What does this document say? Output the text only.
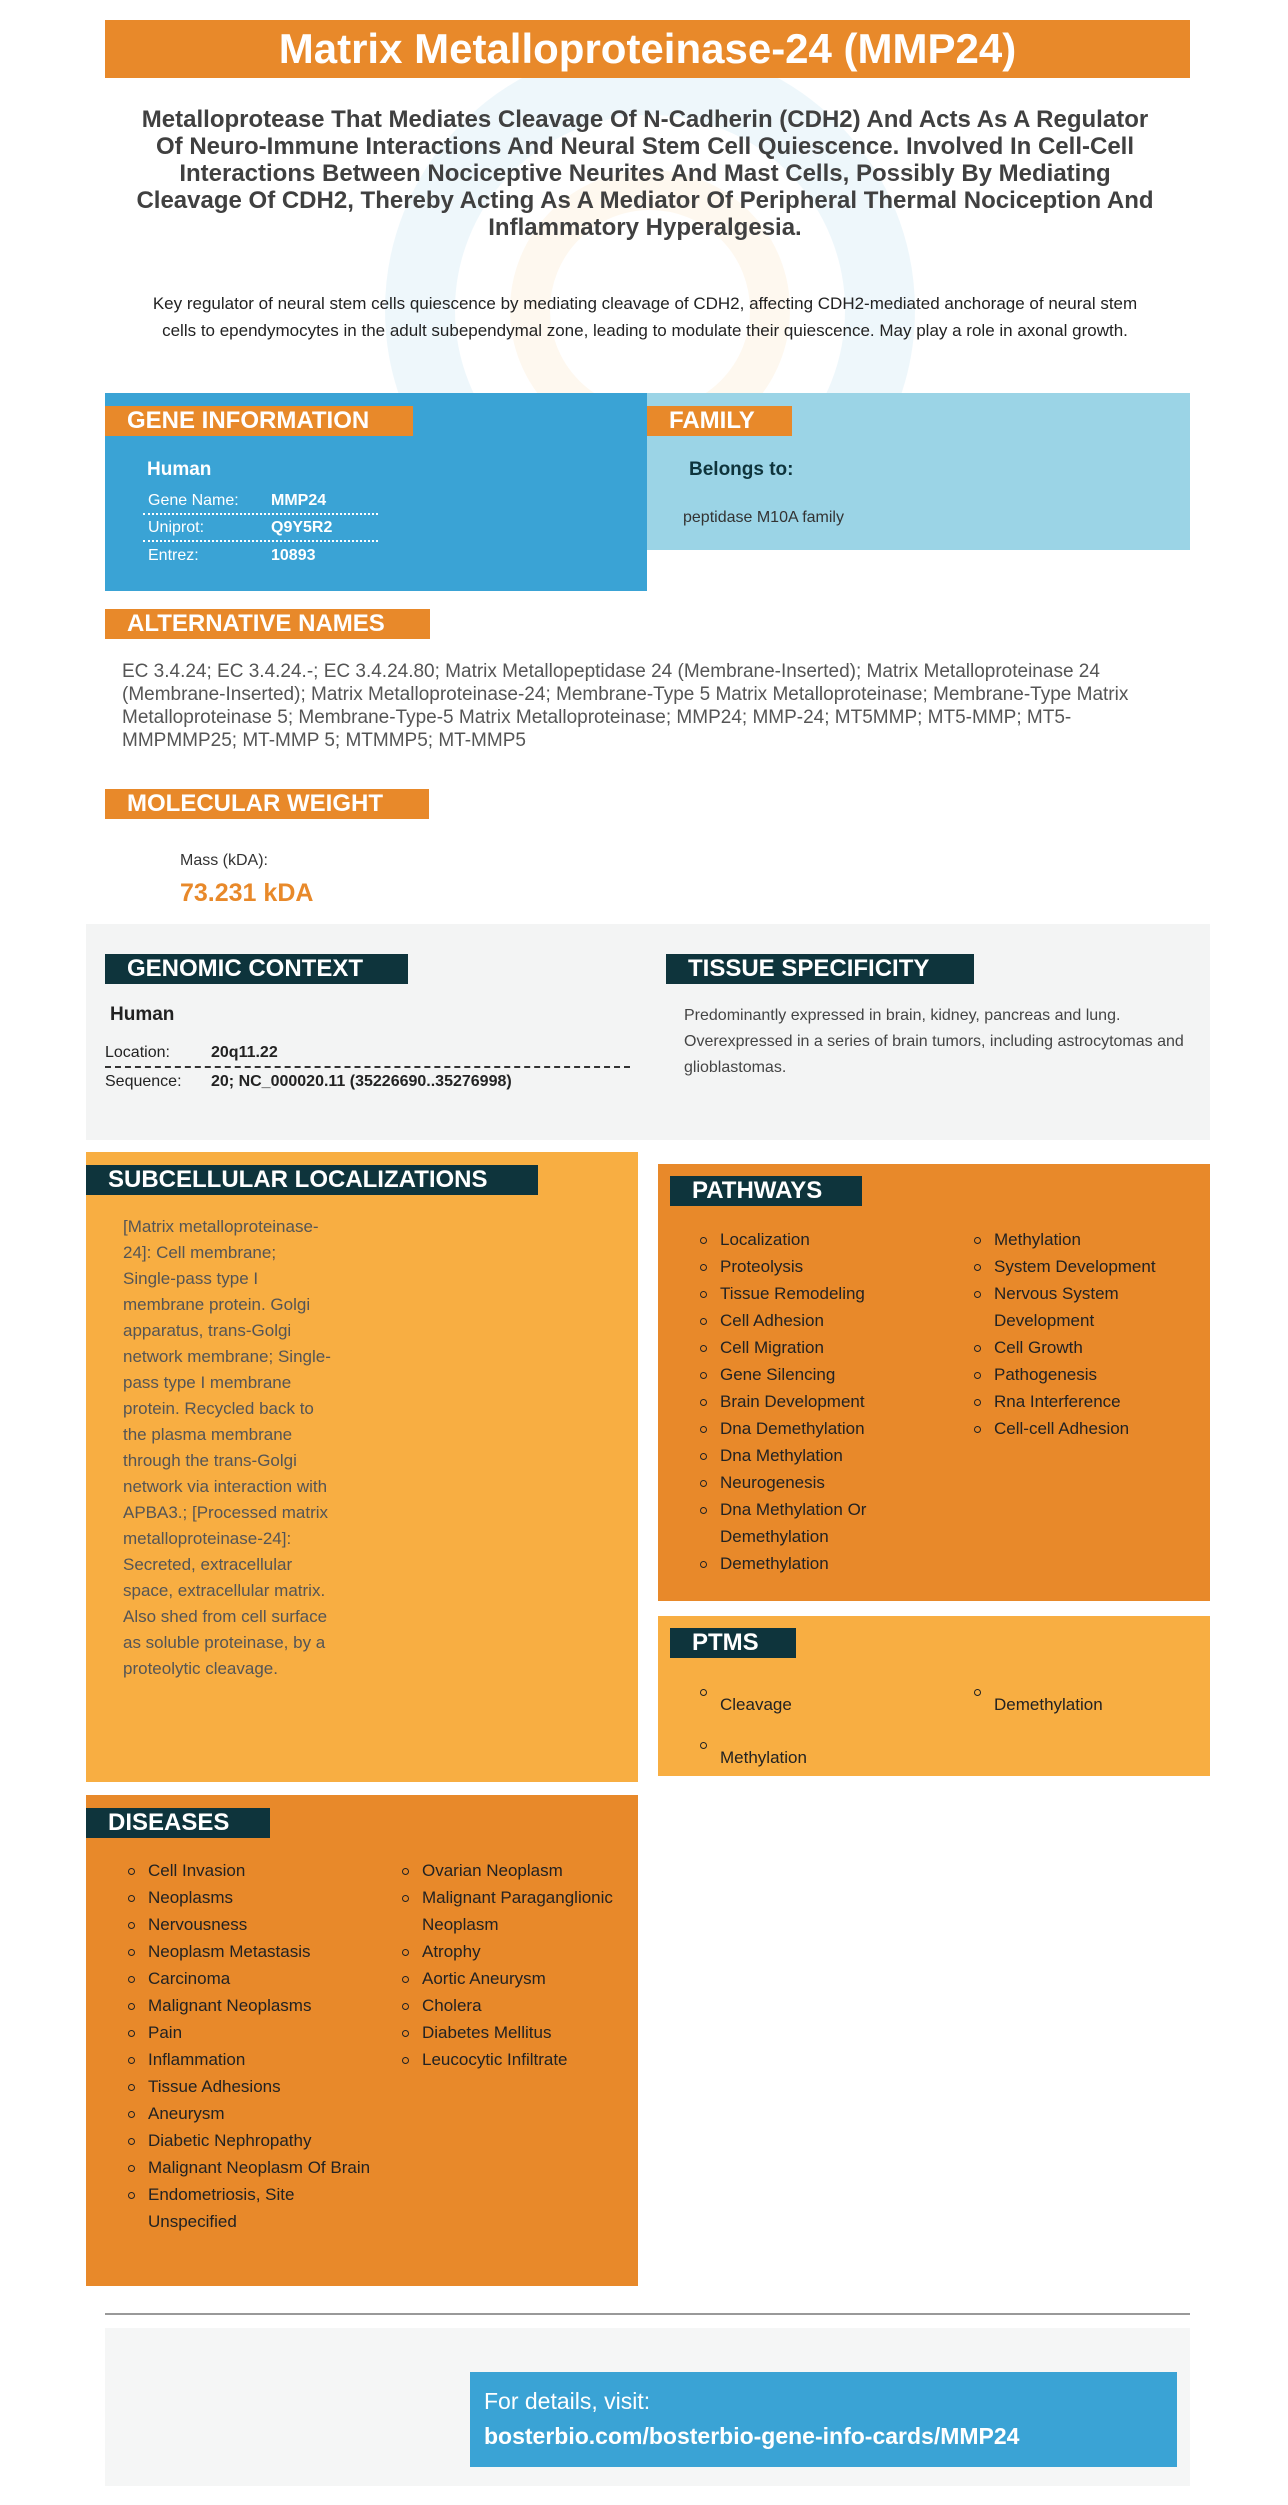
Matrix Metalloproteinase-24 (MMP24)
Metalloprotease That Mediates Cleavage Of N-Cadherin (CDH2) And Acts As A Regulator Of Neuro-Immune Interactions And Neural Stem Cell Quiescence. Involved In Cell-Cell Interactions Between Nociceptive Neurites And Mast Cells, Possibly By Mediating Cleavage Of CDH2, Thereby Acting As A Mediator Of Peripheral Thermal Nociception And Inflammatory Hyperalgesia.
Key regulator of neural stem cells quiescence by mediating cleavage of CDH2, affecting CDH2-mediated anchorage of neural stem cells to ependymocytes in the adult subependymal zone, leading to modulate their quiescence. May play a role in axonal growth.
GENE INFORMATION
Human
Gene Name:	MMP24
Uniprot:	Q9Y5R2
Entrez:	10893
FAMILY
Belongs to:
peptidase M10A family
ALTERNATIVE NAMES
EC 3.4.24; EC 3.4.24.-; EC 3.4.24.80; Matrix Metallopeptidase 24 (Membrane-Inserted); Matrix Metalloproteinase 24 (Membrane-Inserted); Matrix Metalloproteinase-24; Membrane-Type 5 Matrix Metalloproteinase; Membrane-Type Matrix Metalloproteinase 5; Membrane-Type-5 Matrix Metalloproteinase; MMP24; MMP-24; MT5MMP; MT5-MMP; MT5-MMPMMP25; MT-MMP 5; MTMMP5; MT-MMP5
MOLECULAR WEIGHT
Mass (kDA):
73.231 kDA
GENOMIC CONTEXT
Human
Location:	20q11.22
Sequence:	20; NC_000020.11 (35226690..35276998)
TISSUE SPECIFICITY
Predominantly expressed in brain, kidney, pancreas and lung. Overexpressed in a series of brain tumors, including astrocytomas and glioblastomas.
SUBCELLULAR LOCALIZATIONS
[Matrix metalloproteinase-24]: Cell membrane; Single-pass type I membrane protein. Golgi apparatus, trans-Golgi network membrane; Single-pass type I membrane protein. Recycled back to the plasma membrane through the trans-Golgi network via interaction with APBA3.; [Processed matrix metalloproteinase-24]: Secreted, extracellular space, extracellular matrix. Also shed from cell surface as soluble proteinase, by a proteolytic cleavage.
PATHWAYS
Localization
Proteolysis
Tissue Remodeling
Cell Adhesion
Cell Migration
Gene Silencing
Brain Development
Dna Demethylation
Dna Methylation
Neurogenesis
Dna Methylation Or Demethylation
Demethylation
Methylation
System Development
Nervous System Development
Cell Growth
Pathogenesis
Rna Interference
Cell-cell Adhesion
PTMS
Cleavage
Methylation
Demethylation
DISEASES
Cell Invasion
Neoplasms
Nervousness
Neoplasm Metastasis
Carcinoma
Malignant Neoplasms
Pain
Inflammation
Tissue Adhesions
Aneurysm
Diabetic Nephropathy
Malignant Neoplasm Of Brain
Endometriosis, Site Unspecified
Ovarian Neoplasm
Malignant Paraganglionic Neoplasm
Atrophy
Aortic Aneurysm
Cholera
Diabetes Mellitus
Leucocytic Infiltrate
For details, visit:
bosterbio.com/bosterbio-gene-info-cards/MMP24
